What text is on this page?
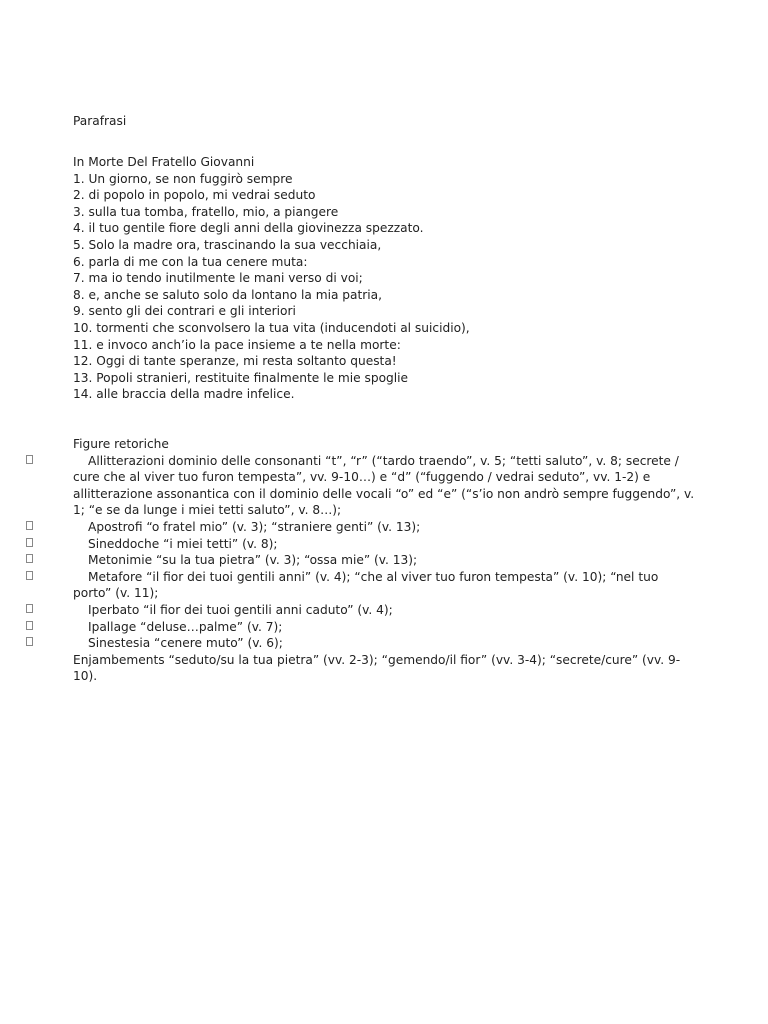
Parafrasi
In Morte Del Fratello Giovanni
1. Un giorno, se non fuggirò sempre
2. di popolo in popolo, mi vedrai seduto
3. sulla tua tomba, fratello, mio, a piangere
4. il tuo gentile fiore degli anni della giovinezza spezzato.
5. Solo la madre ora, trascinando la sua vecchiaia,
6. parla di me con la tua cenere muta:
7. ma io tendo inutilmente le mani verso di voi;
8. e, anche se saluto solo da lontano la mia patria,
9. sento gli dei contrari e gli interiori
10. tormenti che sconvolsero la tua vita (inducendoti al suicidio),
11. e invoco anch’io la pace insieme a te nella morte:
12. Oggi di tante speranze, mi resta soltanto questa!
13. Popoli stranieri, restituite finalmente le mie spoglie
14. alle braccia della madre infelice.
Figure retoriche
Allitterazioni dominio delle consonanti “t”, “r” (“tardo traendo”, v. 5; “tetti saluto”, v. 8; secrete / cure che al viver tuo furon tempesta”, vv. 9-10…) e “d” (“fuggendo / vedrai seduto”, vv. 1-2) e allitterazione assonantica con il dominio delle vocali “o” ed “e” (“s’io non andrò sempre fuggendo”, v. 1; “e se da lunge i miei tetti saluto”, v. 8…);
Apostrofi “o fratel mio” (v. 3); “straniere genti” (v. 13);
Sineddoche “i miei tetti” (v. 8);
Metonimie “su la tua pietra” (v. 3); “ossa mie” (v. 13);
Metafore “il fior dei tuoi gentili anni” (v. 4); “che al viver tuo furon tempesta” (v. 10); “nel tuo porto” (v. 11);
Iperbato “il fior dei tuoi gentili anni caduto” (v. 4);
Ipallage “deluse…palme” (v. 7);
Sinestesia “cenere muto” (v. 6);
Enjambements “seduto/su la tua pietra” (vv. 2-3); “gemendo/il fior” (vv. 3-4); “secrete/cure” (vv. 9-10).
